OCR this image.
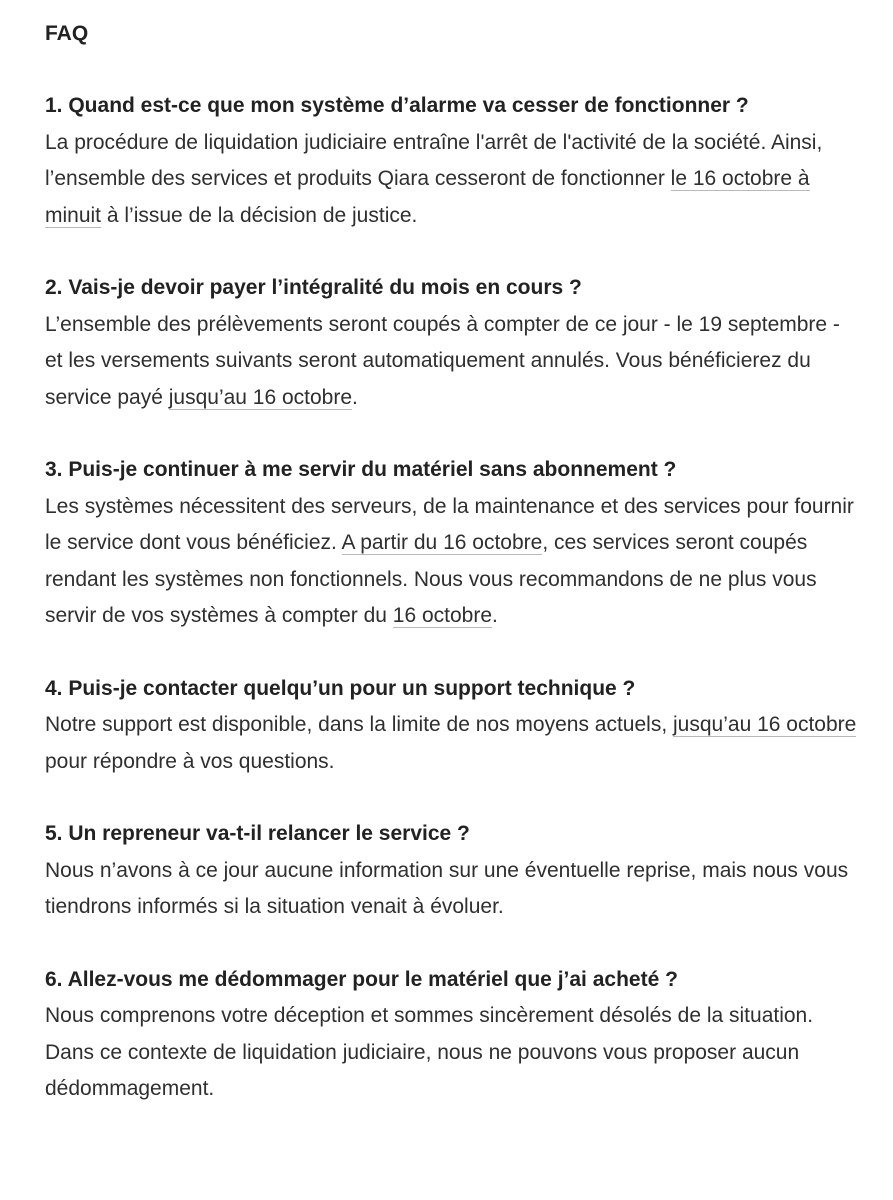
FAQ

1. Quand est-ce que mon système d’alarme va cesser de fonctionner ?

La procédure de liquidation judiciaire entraîne l'arrêt de l'activité de la société. Ainsi, l’ensemble des services et produits Qiara cesseront de fonctionner le 16 octobre à minuit à l’issue de la décision de justice.

2. Vais-je devoir payer l’intégralité du mois en cours ?

L’ensemble des prélèvements seront coupés à compter de ce jour - le 19 septembre - et les versements suivants seront automatiquement annulés. Vous bénéficierez du service payé jusqu’au 16 octobre.

3. Puis-je continuer à me servir du matériel sans abonnement ?

Les systèmes nécessitent des serveurs, de la maintenance et des services pour fournir le service dont vous bénéficiez. A partir du 16 octobre, ces services seront coupés rendant les systèmes non fonctionnels. Nous vous recommandons de ne plus vous servir de vos systèmes à compter du 16 octobre.

4. Puis-je contacter quelqu’un pour un support technique ?

Notre support est disponible, dans la limite de nos moyens actuels, jusqu’au 16 octobre pour répondre à vos questions.

5. Un repreneur va-t-il relancer le service ?

Nous n’avons à ce jour aucune information sur une éventuelle reprise, mais nous vous tiendrons informés si la situation venait à évoluer.

6. Allez-vous me dédommager pour le matériel que j’ai acheté ?

Nous comprenons votre déception et sommes sincèrement désolés de la situation. Dans ce contexte de liquidation judiciaire, nous ne pouvons vous proposer aucun dédommagement.
